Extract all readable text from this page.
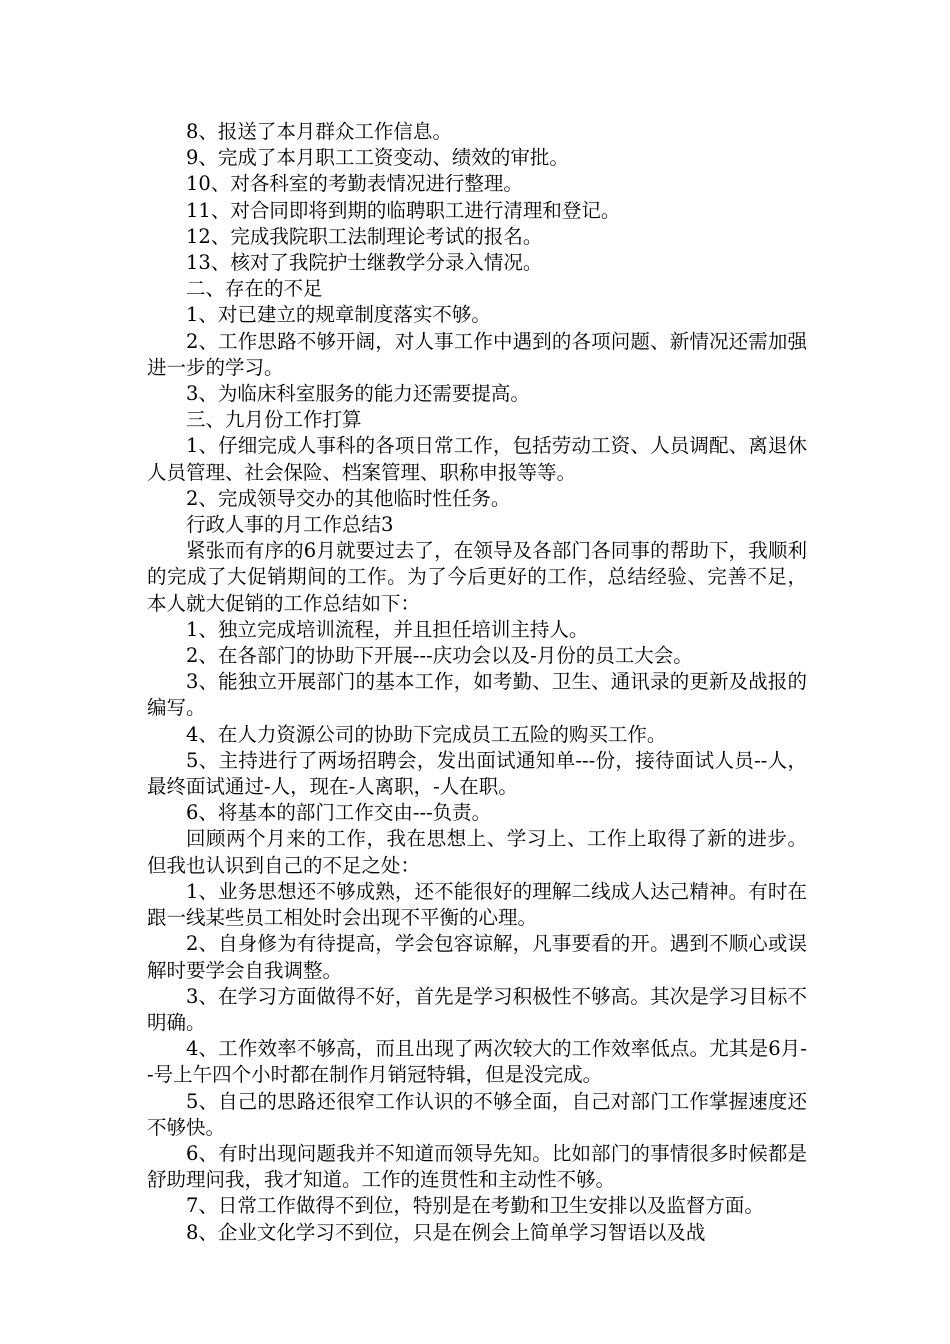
8、报送了本月群众工作信息。

9、完成了本月职工工资变动、绩效的审批。

10、对各科室的考勤表情况进行整理。

11、对合同即将到期的临聘职工进行清理和登记。

12、完成我院职工法制理论考试的报名。

13、核对了我院护士继教学分录入情况。

二、存在的不足

1、对已建立的规章制度落实不够。

2、工作思路不够开阔，对人事工作中遇到的各项问题、新情况还需加强进一步的学习。

3、为临床科室服务的能力还需要提高。

三、九月份工作打算

1、仔细完成人事科的各项日常工作，包括劳动工资、人员调配、离退休人员管理、社会保险、档案管理、职称申报等等。

2、完成领导交办的其他临时性任务。

行政人事的月工作总结3

紧张而有序的6月就要过去了，在领导及各部门各同事的帮助下，我顺利的完成了大促销期间的工作。为了今后更好的工作，总结经验、完善不足，本人就大促销的工作总结如下：

1、独立完成培训流程，并且担任培训主持人。

2、在各部门的协助下开展---庆功会以及-月份的员工大会。

3、能独立开展部门的基本工作，如考勤、卫生、通讯录的更新及战报的编写。

4、在人力资源公司的协助下完成员工五险的购买工作。

5、主持进行了两场招聘会，发出面试通知单---份，接待面试人员--人，最终面试通过-人，现在-人离职，-人在职。

6、将基本的部门工作交由---负责。

回顾两个月来的工作，我在思想上、学习上、工作上取得了新的进步。但我也认识到自己的不足之处：

1、业务思想还不够成熟，还不能很好的理解二线成人达己精神。有时在跟一线某些员工相处时会出现不平衡的心理。

2、自身修为有待提高，学会包容谅解，凡事要看的开。遇到不顺心或误解时要学会自我调整。

3、在学习方面做得不好，首先是学习积极性不够高。其次是学习目标不明确。

4、工作效率不够高，而且出现了两次较大的工作效率低点。尤其是6月--号上午四个小时都在制作月销冠特辑，但是没完成。

5、自己的思路还很窄工作认识的不够全面，自己对部门工作掌握速度还不够快。

6、有时出现问题我并不知道而领导先知。比如部门的事情很多时候都是舒助理问我，我才知道。工作的连贯性和主动性不够。

7、日常工作做得不到位，特别是在考勤和卫生安排以及监督方面。

8、企业文化学习不到位，只是在例会上简单学习智语以及战
